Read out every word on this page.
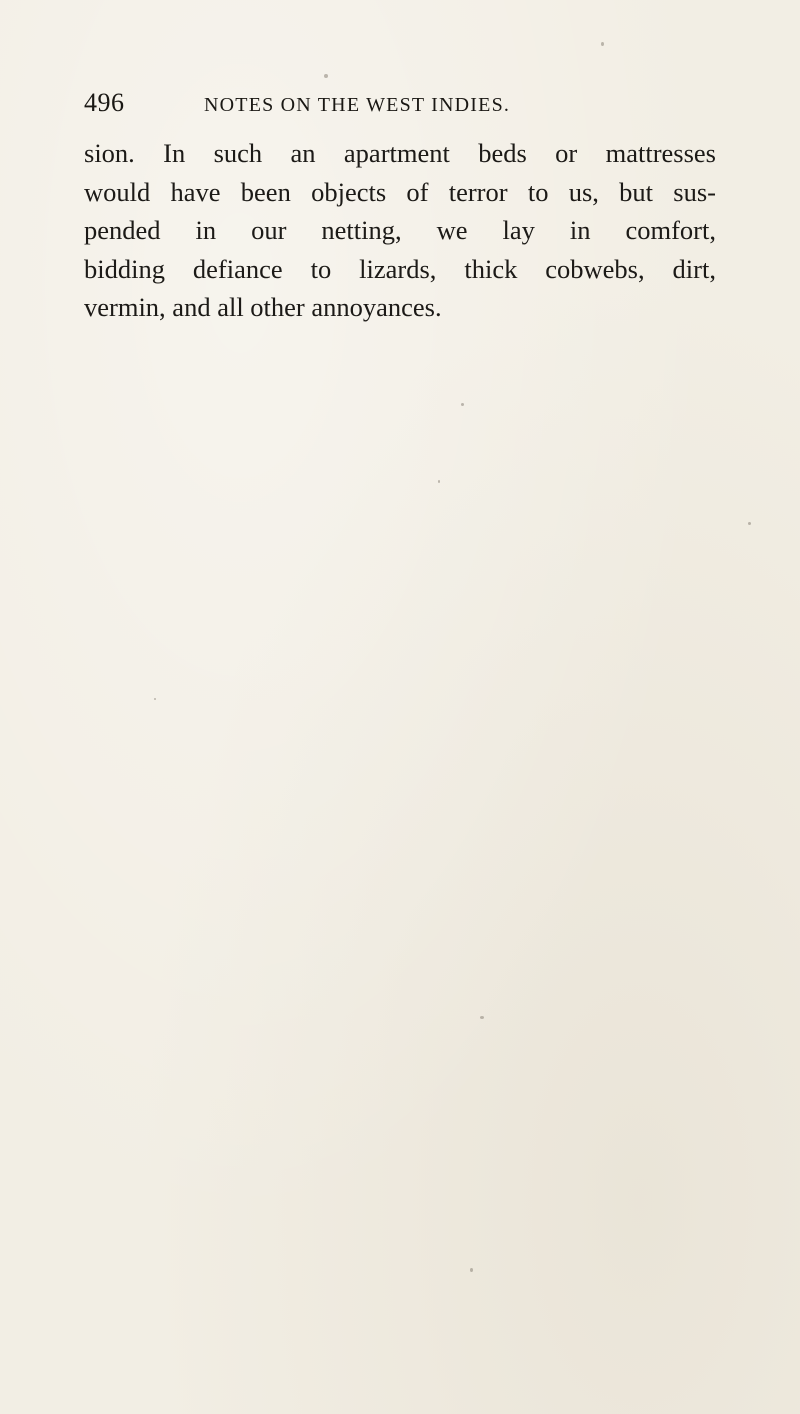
496	NOTES ON THE WEST INDIES.
sion. In such an apartment beds or mattresses
would have been objects of terror to us, but sus-
pended in our netting, we lay in comfort,
bidding defiance to lizards, thick cobwebs, dirt,
vermin, and all other annoyances.
